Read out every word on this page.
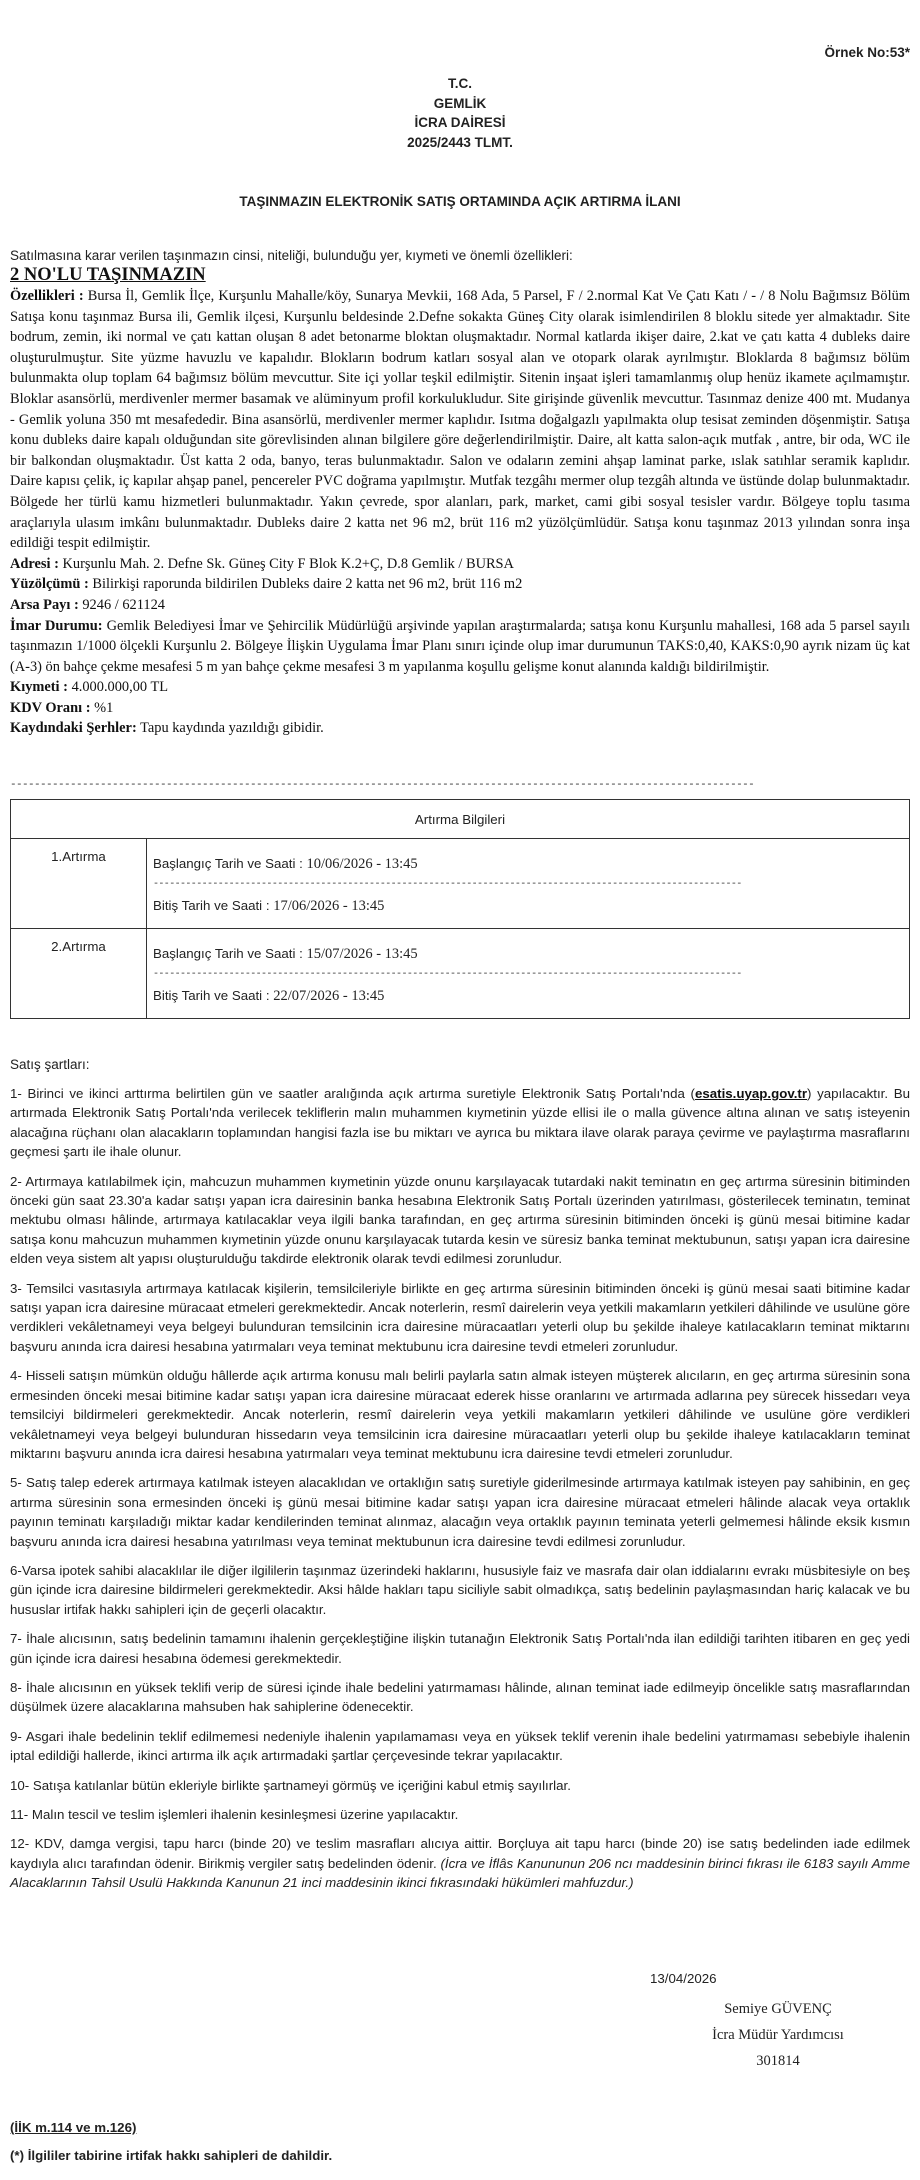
Örnek No:53*
T.C.
GEMLİK
İCRA DAİRESİ
2025/2443 TLMT.
TAŞINMAZIN ELEKTRONİK SATIŞ ORTAMINDA AÇIK ARTIRMA İLANI
Satılmasına karar verilen taşınmazın cinsi, niteliği, bulunduğu yer, kıymeti ve önemli özellikleri:
2 NO'LU TAŞINMAZIN

Özellikleri : Bursa İl, Gemlik İlçe, Kurşunlu Mahalle/köy, Sunarya Mevkii, 168 Ada, 5 Parsel, F / 2.normal Kat Ve Çatı Katı / - / 8 Nolu Bağımsız Bölüm Satışa konu taşınmaz Bursa ili, Gemlik ilçesi, Kurşunlu beldesinde 2.Defne sokakta Güneş City olarak isimlendirilen 8 bloklu sitede yer almaktadır. Site bodrum, zemin, iki normal ve çatı kattan oluşan 8 adet betonarme bloktan oluşmaktadır. Normal katlarda ikişer daire, 2.kat ve çatı katta 4 dubleks daire oluşturulmuştur. Site yüzme havuzlu ve kapalıdır. Blokların bodrum katları sosyal alan ve otopark olarak ayrılmıştır. Bloklarda 8 bağımsız bölüm bulunmakta olup toplam 64 bağımsız bölüm mevcuttur. Site içi yollar teşkil edilmiştir. Sitenin inşaat işleri tamamlanmış olup henüz ikamete açılmamıştır. Bloklar asansörlü, merdivenler mermer basamak ve alüminyum profil korkulukludur. Site girişinde güvenlik mevcuttur. Tasınmaz denize 400 mt. Mudanya - Gemlik yoluna 350 mt mesafededir. Bina asansörlü, merdivenler mermer kaplıdır. Isıtma doğalgazlı yapılmakta olup tesisat zeminden döşenmiştir. Satışa konu dubleks daire kapalı olduğundan site görevlisinden alınan bilgilere göre değerlendirilmiştir. Daire, alt katta salon-açık mutfak , antre, bir oda, WC ile bir balkondan oluşmaktadır. Üst katta 2 oda, banyo, teras bulunmaktadır. Salon ve odaların zemini ahşap laminat parke, ıslak satıhlar seramik kaplıdır. Daire kapısı çelik, iç kapılar ahşap panel, pencereler PVC doğrama yapılmıştır. Mutfak tezgâhı mermer olup tezgâh altında ve üstünde dolap bulunmaktadır. Bölgede her türlü kamu hizmetleri bulunmaktadır. Yakın çevrede, spor alanları, park, market, cami gibi sosyal tesisler vardır. Bölgeye toplu tasıma araçlarıyla ulasım imkânı bulunmaktadır. Dubleks daire 2 katta net 96 m2, brüt 116 m2 yüzölçümlüdür. Satışa konu taşınmaz 2013 yılından sonra inşa edildiği tespit edilmiştir.

Adresi : Kurşunlu Mah. 2. Defne Sk. Güneş City F Blok K.2+Ç, D.8 Gemlik / BURSA

Yüzölçümü : Bilirkişi raporunda bildirilen Dubleks daire 2 katta net 96 m2, brüt 116 m2

Arsa Payı : 9246 / 621124

İmar Durumu: Gemlik Belediyesi İmar ve Şehircilik Müdürlüğü arşivinde yapılan araştırmalarda; satışa konu Kurşunlu mahallesi, 168 ada 5 parsel sayılı taşınmazın 1/1000 ölçekli Kurşunlu 2. Bölgeye İlişkin Uygulama İmar Planı sınırı içinde olup imar durumunun TAKS:0,40, KAKS:0,90 ayrık nizam üç kat (A-3) ön bahçe çekme mesafesi 5 m yan bahçe çekme mesafesi 3 m yapılanma koşullu gelişme konut alanında kaldığı bildirilmiştir.

Kıymeti : 4.000.000,00 TL

KDV Oranı : %1

Kaydındaki Şerhler: Tapu kaydında yazıldığı gibidir.

----------------------------------------------------------------------------------------------------------------------------
Artırma Bilgileri	
1.Artırma	Başlangıç Tarih ve Saati : 10/06/2026 - 13:45
-------------------------------------------------------------------------------------------------------------
Bitiş Tarih ve Saati : 17/06/2026 - 13:45

2.Artırma	Başlangıç Tarih ve Saati : 15/07/2026 - 13:45
-------------------------------------------------------------------------------------------------------------
Bitiş Tarih ve Saati : 22/07/2026 - 13:45
Satış şartları:

1- Birinci ve ikinci arttırma belirtilen gün ve saatler aralığında açık artırma suretiyle Elektronik Satış Portalı'nda (esatis.uyap.gov.tr) yapılacaktır. Bu artırmada Elektronik Satış Portalı'nda verilecek tekliflerin malın muhammen kıymetinin yüzde ellisi ile o malla güvence altına alınan ve satış isteyenin alacağına rüçhanı olan alacakların toplamından hangisi fazla ise bu miktarı ve ayrıca bu miktara ilave olarak paraya çevirme ve paylaştırma masraflarını geçmesi şartı ile ihale olunur.

2- Artırmaya katılabilmek için, mahcuzun muhammen kıymetinin yüzde onunu karşılayacak tutardaki nakit teminatın en geç artırma süresinin bitiminden önceki gün saat 23.30'a kadar satışı yapan icra dairesinin banka hesabına Elektronik Satış Portalı üzerinden yatırılması, gösterilecek teminatın, teminat mektubu olması hâlinde, artırmaya katılacaklar veya ilgili banka tarafından, en geç artırma süresinin bitiminden önceki iş günü mesai bitimine kadar satışa konu mahcuzun muhammen kıymetinin yüzde onunu karşılayacak tutarda kesin ve süresiz banka teminat mektubunun, satışı yapan icra dairesine elden veya sistem alt yapısı oluşturulduğu takdirde elektronik olarak tevdi edilmesi zorunludur.

3- Temsilci vasıtasıyla artırmaya katılacak kişilerin, temsilcileriyle birlikte en geç artırma süresinin bitiminden önceki iş günü mesai saati bitimine kadar satışı yapan icra dairesine müracaat etmeleri gerekmektedir. Ancak noterlerin, resmî dairelerin veya yetkili makamların yetkileri dâhilinde ve usulüne göre verdikleri vekâletnameyi veya belgeyi bulunduran temsilcinin icra dairesine müracaatları yeterli olup bu şekilde ihaleye katılacakların teminat miktarını başvuru anında icra dairesi hesabına yatırmaları veya teminat mektubunu icra dairesine tevdi etmeleri zorunludur.

4- Hisseli satışın mümkün olduğu hâllerde açık artırma konusu malı belirli paylarla satın almak isteyen müşterek alıcıların, en geç artırma süresinin sona ermesinden önceki mesai bitimine kadar satışı yapan icra dairesine müracaat ederek hisse oranlarını ve artırmada adlarına pey sürecek hissedarı veya temsilciyi bildirmeleri gerekmektedir. Ancak noterlerin, resmî dairelerin veya yetkili makamların yetkileri dâhilinde ve usulüne göre verdikleri vekâletnameyi veya belgeyi bulunduran hissedarın veya temsilcinin icra dairesine müracaatları yeterli olup bu şekilde ihaleye katılacakların teminat miktarını başvuru anında icra dairesi hesabına yatırmaları veya teminat mektubunu icra dairesine tevdi etmeleri zorunludur.

5- Satış talep ederek artırmaya katılmak isteyen alacaklıdan ve ortaklığın satış suretiyle giderilmesinde artırmaya katılmak isteyen pay sahibinin, en geç artırma süresinin sona ermesinden önceki iş günü mesai bitimine kadar satışı yapan icra dairesine müracaat etmeleri hâlinde alacak veya ortaklık payının teminatı karşıladığı miktar kadar kendilerinden teminat alınmaz, alacağın veya ortaklık payının teminata yeterli gelmemesi hâlinde eksik kısmın başvuru anında icra dairesi hesabına yatırılması veya teminat mektubunun icra dairesine tevdi edilmesi zorunludur.

6-Varsa ipotek sahibi alacaklılar ile diğer ilgililerin taşınmaz üzerindeki haklarını, hususiyle faiz ve masrafa dair olan iddialarını evrakı müsbitesiyle on beş gün içinde icra dairesine bildirmeleri gerekmektedir. Aksi hâlde hakları tapu siciliyle sabit olmadıkça, satış bedelinin paylaşmasından hariç kalacak ve bu hususlar irtifak hakkı sahipleri için de geçerli olacaktır.

7- İhale alıcısının, satış bedelinin tamamını ihalenin gerçekleştiğine ilişkin tutanağın Elektronik Satış Portalı'nda ilan edildiği tarihten itibaren en geç yedi gün içinde icra dairesi hesabına ödemesi gerekmektedir.

8- İhale alıcısının en yüksek teklifi verip de süresi içinde ihale bedelini yatırmaması hâlinde, alınan teminat iade edilmeyip öncelikle satış masraflarından düşülmek üzere alacaklarına mahsuben hak sahiplerine ödenecektir.

9- Asgari ihale bedelinin teklif edilmemesi nedeniyle ihalenin yapılamaması veya en yüksek teklif verenin ihale bedelini yatırmaması sebebiyle ihalenin iptal edildiği hallerde, ikinci artırma ilk açık artırmadaki şartlar çerçevesinde tekrar yapılacaktır.

10- Satışa katılanlar bütün ekleriyle birlikte şartnameyi görmüş ve içeriğini kabul etmiş sayılırlar.

11- Malın tescil ve teslim işlemleri ihalenin kesinleşmesi üzerine yapılacaktır.

12- KDV, damga vergisi, tapu harcı (binde 20) ve teslim masrafları alıcıya aittir. Borçluya ait tapu harcı (binde 20) ise satış bedelinden iade edilmek kaydıyla alıcı tarafından ödenir. Birikmiş vergiler satış bedelinden ödenir. (İcra ve İflâs Kanununun 206 ncı maddesinin birinci fıkrası ile 6183 sayılı Amme Alacaklarının Tahsil Usulü Hakkında Kanunun 21 inci maddesinin ikinci fıkrasındaki hükümleri mahfuzdur.)

13/04/2026
Semiye GÜVENÇ
İcra Müdür Yardımcısı
301814
(İİK m.114 ve m.126)
(*) İlgililer tabirine irtifak hakkı sahipleri de dahildir.
